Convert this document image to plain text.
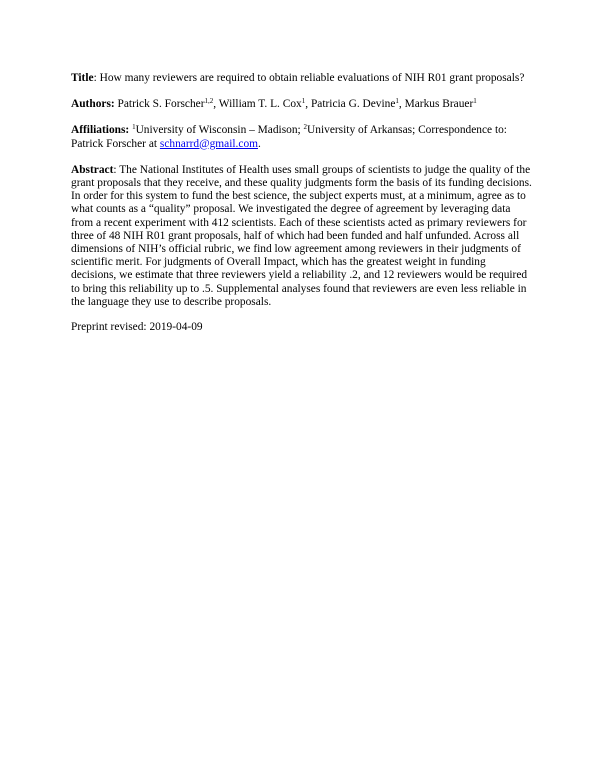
Title: How many reviewers are required to obtain reliable evaluations of NIH R01 grant proposals?

Authors: Patrick S. Forscher$^{1,2}$, William T. L. Cox$^1$, Patricia G. Devine$^1$, Markus Brauer$^1$

Affiliations: $^1$University of Wisconsin – Madison; $^2$University of Arkansas; Correspondence to: Patrick Forscher at schnarrd@gmail.com.

Abstract: The National Institutes of Health uses small groups of scientists to judge the quality of the grant proposals that they receive, and these quality judgments form the basis of its funding decisions. In order for this system to fund the best science, the subject experts must, at a minimum, agree as to what counts as a “quality” proposal. We investigated the degree of agreement by leveraging data from a recent experiment with 412 scientists. Each of these scientists acted as primary reviewers for three of 48 NIH R01 grant proposals, half of which had been funded and half unfunded. Across all dimensions of NIH’s official rubric, we find low agreement among reviewers in their judgments of scientific merit. For judgments of Overall Impact, which has the greatest weight in funding decisions, we estimate that three reviewers yield a reliability .2, and 12 reviewers would be required to bring this reliability up to .5. Supplemental analyses found that reviewers are even less reliable in the language they use to describe proposals.

Preprint revised: 2019-04-09
